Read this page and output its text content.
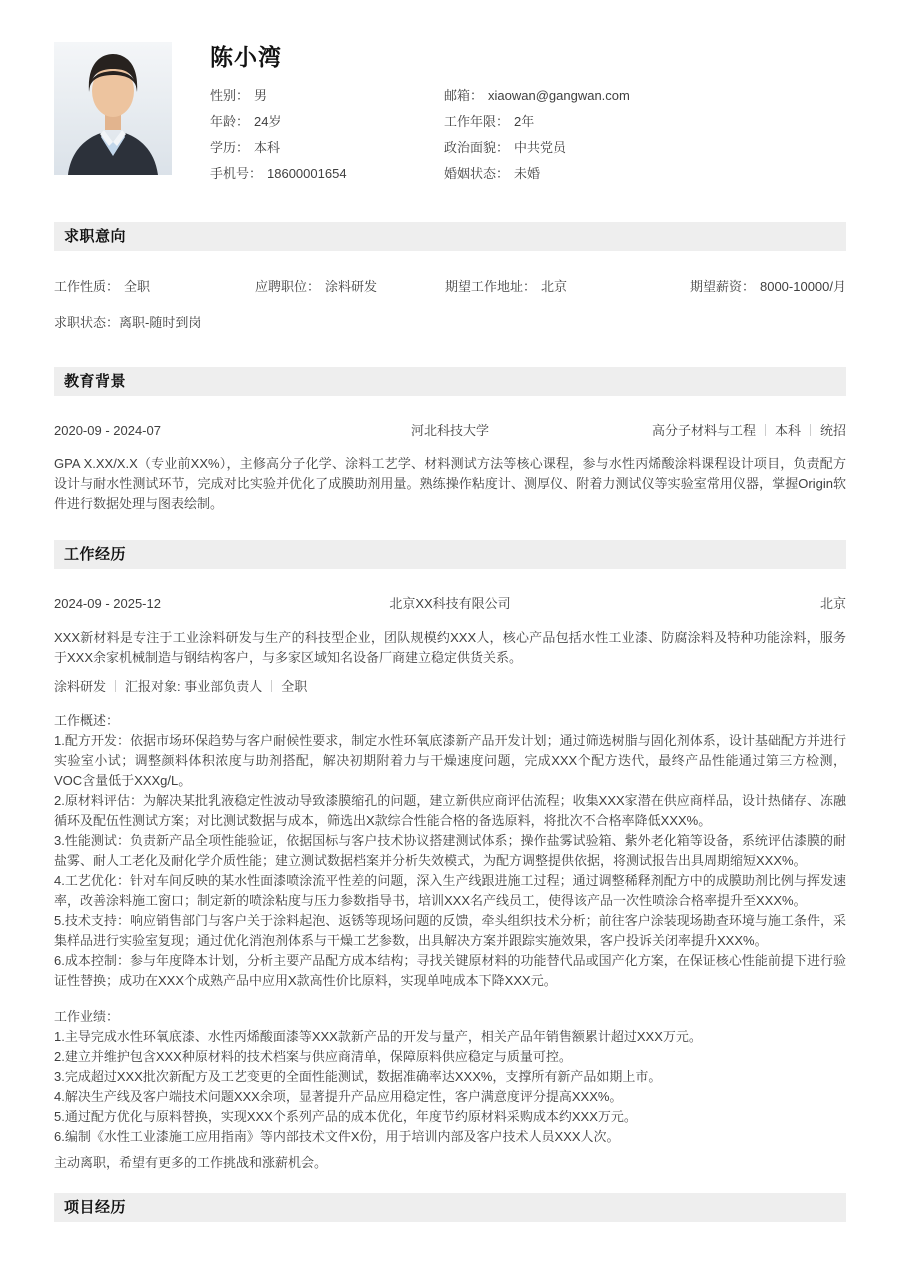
陈小湾
性别： 男	邮箱： xiaowan@gangwan.com
年龄： 24岁	工作年限： 2年
学历： 本科	政治面貌： 中共党员
手机号： 18600001654	婚姻状态： 未婚
求职意向
工作性质： 全职	应聘职位： 涂料研发	期望工作地址： 北京	期望薪资： 8000-10000/月
求职状态：离职-随时到岗
教育背景
2020-09 - 2024-07	河北科技大学	高分子材料与工程 本科 统招

GPA X.XX/X.X（专业前XX%），主修高分子化学、涂料工艺学、材料测试方法等核心课程，参与水性丙烯酸涂料课程设计项目，负责配方设计与耐水性测试环节，完成对比实验并优化了成膜助剂用量。熟练操作粘度计、测厚仪、附着力测试仪等实验室常用仪器，掌握Origin软件进行数据处理与图表绘制。

工作经历
2024-09 - 2025-12	北京XX科技有限公司	北京

XXX新材料是专注于工业涂料研发与生产的科技型企业，团队规模约XXX人，核心产品包括水性工业漆、防腐涂料及特种功能涂料，服务于XXX余家机械制造与钢结构客户，与多家区域知名设备厂商建立稳定供货关系。

涂料研发 汇报对象: 事业部负责人 全职

工作概述：

1.配方开发：依据市场环保趋势与客户耐候性要求，制定水性环氧底漆新产品开发计划；通过筛选树脂与固化剂体系，设计基础配方并进行实验室小试；调整颜料体积浓度与助剂搭配，解决初期附着力与干燥速度问题，完成XXX个配方迭代，最终产品性能通过第三方检测，VOC含量低于XXXg/L。

2.原材料评估：为解决某批乳液稳定性波动导致漆膜缩孔的问题，建立新供应商评估流程；收集XXX家潜在供应商样品，设计热储存、冻融循环及配伍性测试方案；对比测试数据与成本，筛选出X款综合性能合格的备选原料，将批次不合格率降低XXX%。

3.性能测试：负责新产品全项性能验证，依据国标与客户技术协议搭建测试体系；操作盐雾试验箱、紫外老化箱等设备，系统评估漆膜的耐盐雾、耐人工老化及耐化学介质性能；建立测试数据档案并分析失效模式，为配方调整提供依据，将测试报告出具周期缩短XXX%。

4.工艺优化：针对车间反映的某水性面漆喷涂流平性差的问题，深入生产线跟进施工过程；通过调整稀释剂配方中的成膜助剂比例与挥发速率，改善涂料施工窗口；制定新的喷涂粘度与压力参数指导书，培训XXX名产线员工，使得该产品一次性喷涂合格率提升至XXX%。

5.技术支持：响应销售部门与客户关于涂料起泡、返锈等现场问题的反馈，牵头组织技术分析；前往客户涂装现场勘查环境与施工条件，采集样品进行实验室复现；通过优化消泡剂体系与干燥工艺参数，出具解决方案并跟踪实施效果，客户投诉关闭率提升XXX%。

6.成本控制：参与年度降本计划，分析主要产品配方成本结构；寻找关键原材料的功能替代品或国产化方案，在保证核心性能前提下进行验证性替换；成功在XXX个成熟产品中应用X款高性价比原料，实现单吨成本下降XXX元。

工作业绩：

1.主导完成水性环氧底漆、水性丙烯酸面漆等XXX款新产品的开发与量产，相关产品年销售额累计超过XXX万元。

2.建立并维护包含XXX种原材料的技术档案与供应商清单，保障原料供应稳定与质量可控。

3.完成超过XXX批次新配方及工艺变更的全面性能测试，数据准确率达XXX%，支撑所有新产品如期上市。

4.解决生产线及客户端技术问题XXX余项，显著提升产品应用稳定性，客户满意度评分提高XXX%。

5.通过配方优化与原料替换，实现XXX个系列产品的成本优化，年度节约原材料采购成本约XXX万元。

6.编制《水性工业漆施工应用指南》等内部技术文件X份，用于培训内部及客户技术人员XXX人次。

主动离职，希望有更多的工作挑战和涨薪机会。

项目经历
